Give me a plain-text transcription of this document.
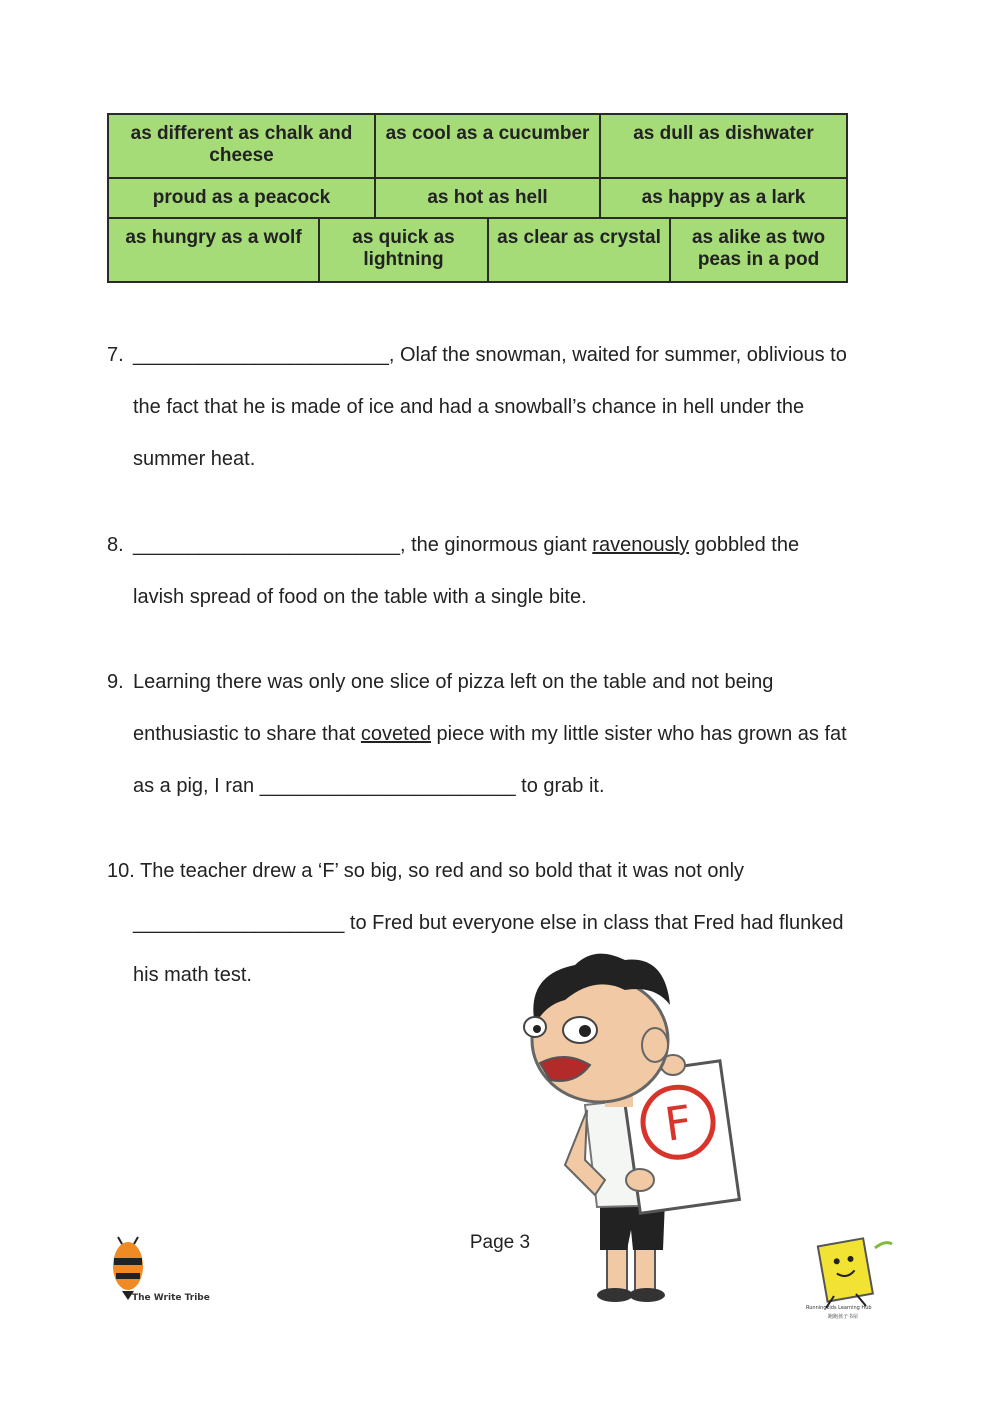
as different as chalk and cheese		as cool as a cucumber		as dull as dishwater	
proud as a peacock		as hot as hell		as happy as a lark	
as hungry as a wolf	as quick as lightning		as clear as crystal		as alike as two peas in a pod
7. _______________________, Olaf the snowman, waited for summer, oblivious to
the fact that he is made of ice and had a snowball’s chance in hell under the
summer heat.
8. ________________________, the ginormous giant ravenously gobbled the
lavish spread of food on the table with a single bite.
9. Learning there was only one slice of pizza left on the table and not being
enthusiastic to share that coveted piece with my little sister who has grown as fat
as a pig, I ran _______________________ to grab it.
10. The teacher drew a ‘F’ so big, so red and so bold that it was not only
___________________ to Fred but everyone else in class that Fred had flunked
his math test.
F
Page 3
The Write Tribe
Runningkids Learning Hub
跑跑孩子书屋
